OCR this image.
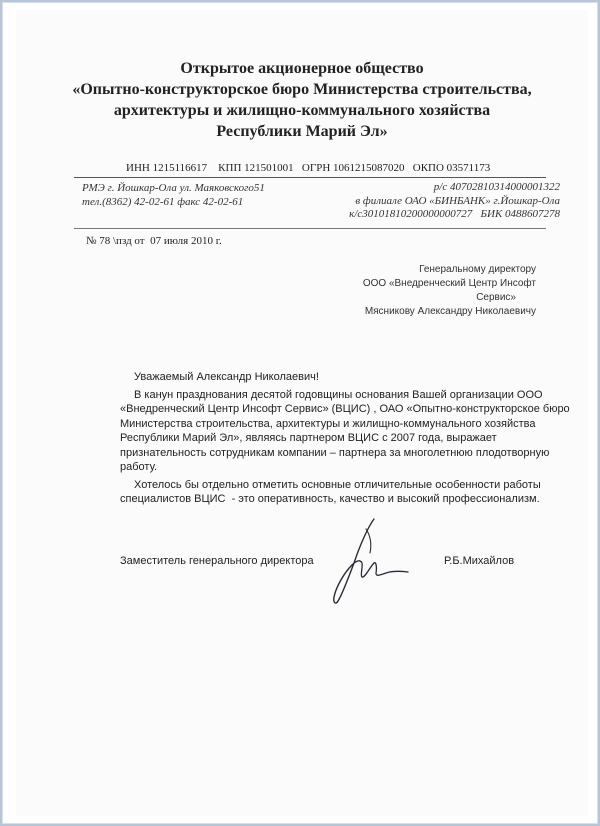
Открытое акционерное общество
«Опытно-конструкторское бюро Министерства строительства,
архитектуры и жилищно-коммунального хозяйства
Республики Марий Эл»
ИНН 1215116617    КПП 121501001   ОГРН 1061215087020   ОКПО 03571173
РМЭ г. Йошкар-Ола ул. Маяковского51
тел.(8362) 42-02-61 факс 42-02-61
р/с 40702810314000001322
в филиале ОАО «БИНБАНК» г.Йошкар-Ола
к/с30101810200000000727   БИК 0488607278
№ 78 \пзд от  07 июля 2010 г.
Генеральному директору
ООО «Внедренческий Центр Инсофт
Сервис»
Мясникову Александру Николаевичу
Уважаемый Александр Николаевич!
В канун празднования десятой годовщины основания Вашей организации ООО
«Внедренческий Центр Инсофт Сервис» (ВЦИС) , ОАО «Опытно-конструкторское бюро
Министерства строительства, архитектуры и жилищно-коммунального хозяйства
Республики Марий Эл», являясь партнером ВЦИС с 2007 года, выражает
признательность сотрудникам компании – партнера за многолетнюю плодотворную
работу.
Хотелось бы отдельно отметить основные отличительные особенности работы
специалистов ВЦИС  - это оперативность, качество и высокий профессионализм.
Заместитель генерального директора	Р.Б.Михайлов
